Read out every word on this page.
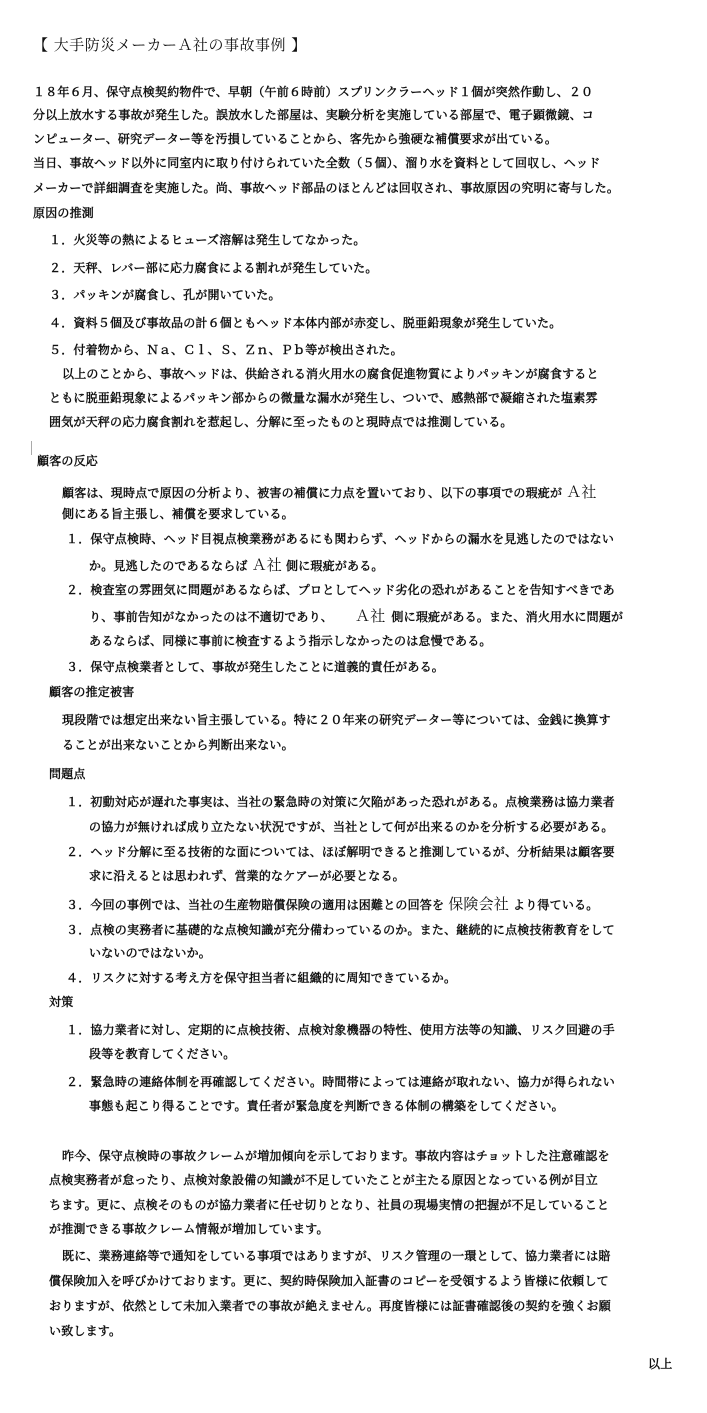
【 大手防災メーカーＡ社の事故事例 】
１８年６月、保守点検契約物件で、早朝（午前６時前）スプリンクラーヘッド１個が突然作動し、２０
分以上放水する事故が発生した。誤放水した部屋は、実験分析を実施している部屋で、電子顕微鏡、コ
ンピューター、研究データー等を汚損していることから、客先から強硬な補償要求が出ている。
当日、事故ヘッド以外に同室内に取り付けられていた全数（５個）、溜り水を資料として回収し、ヘッド
メーカーで詳細調査を実施した。尚、事故ヘッド部品のほとんどは回収され、事故原因の究明に寄与した。
原因の推測
１．火災等の熱によるヒューズ溶解は発生してなかった。
２．天秤、レバー部に応力腐食による割れが発生していた。
３．パッキンが腐食し、孔が開いていた。
４．資料５個及び事故品の計６個ともヘッド本体内部が赤変し、脱亜鉛現象が発生していた。
５．付着物から、Ｎａ、Ｃｌ、Ｓ、Ｚｎ、Ｐｂ等が検出された。
以上のことから、事故ヘッドは、供給される消火用水の腐食促進物質によりパッキンが腐食すると
ともに脱亜鉛現象によるパッキン部からの微量な漏水が発生し、ついで、感熱部で凝縮された塩素雰
囲気が天秤の応力腐食割れを惹起し、分解に至ったものと現時点では推測している。
顧客の反応
顧客は、現時点で原因の分析より、被害の補償に力点を置いており、以下の事項での瑕疵が Ａ社
側にある旨主張し、補償を要求している。
１．保守点検時、ヘッド目視点検業務があるにも関わらず、ヘッドからの漏水を見逃したのではない
か。見逃したのであるならば Ａ社 側に瑕疵がある。
２．検査室の雰囲気に問題があるならば、プロとしてヘッド劣化の恐れがあることを告知すべきであ
り、事前告知がなかったのは不適切であり、 Ａ社 側に瑕疵がある。また、消火用水に問題が
あるならば、同様に事前に検査するよう指示しなかったのは怠慢である。
３．保守点検業者として、事故が発生したことに道義的責任がある。
顧客の推定被害
現段階では想定出来ない旨主張している。特に２０年来の研究データー等については、金銭に換算す
ることが出来ないことから判断出来ない。
問題点
１．初動対応が遅れた事実は、当社の緊急時の対策に欠陥があった恐れがある。点検業務は協力業者
の協力が無ければ成り立たない状況ですが、当社として何が出来るのかを分析する必要がある。
２．ヘッド分解に至る技術的な面については、ほぼ解明できると推測しているが、分析結果は顧客要
求に沿えるとは思われず、営業的なケアーが必要となる。
３．今回の事例では、当社の生産物賠償保険の適用は困難との回答を 保険会社 より得ている。
３．点検の実務者に基礎的な点検知識が充分備わっているのか。また、継続的に点検技術教育をして
いないのではないか。
４．リスクに対する考え方を保守担当者に組織的に周知できているか。
対策
１．協力業者に対し、定期的に点検技術、点検対象機器の特性、使用方法等の知識、リスク回避の手
段等を教育してください。
２．緊急時の連絡体制を再確認してください。時間帯によっては連絡が取れない、協力が得られない
事態も起こり得ることです。責任者が緊急度を判断できる体制の構築をしてください。
昨今、保守点検時の事故クレームが増加傾向を示しております。事故内容はチョットした注意確認を
点検実務者が怠ったり、点検対象設備の知識が不足していたことが主たる原因となっている例が目立
ちます。更に、点検そのものが協力業者に任せ切りとなり、社員の現場実情の把握が不足していること
が推測できる事故クレーム情報が増加しています。
既に、業務連絡等で通知をしている事項ではありますが、リスク管理の一環として、協力業者には賠
償保険加入を呼びかけております。更に、契約時保険加入証書のコピーを受領するよう皆様に依頼して
おりますが、依然として未加入業者での事故が絶えません。再度皆様には証書確認後の契約を強くお願
い致します。
以上
